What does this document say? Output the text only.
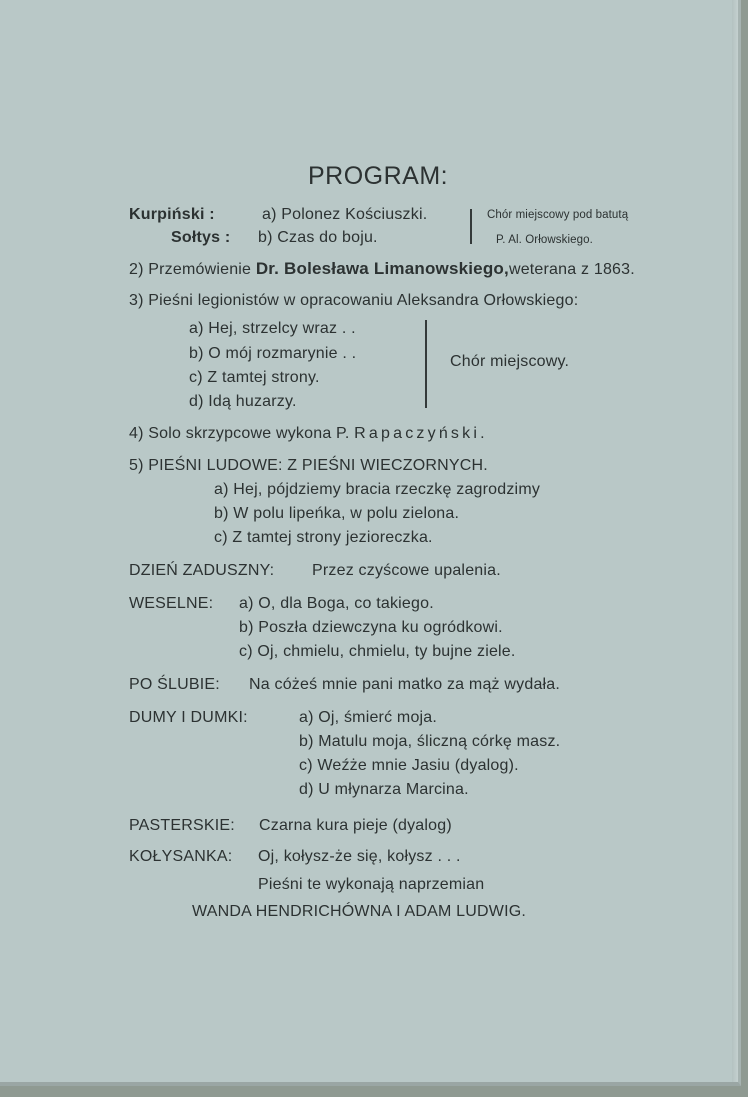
PROGRAM:
Kurpiński :	a) Polonez Kościuszki.
Sołtys : b) Czas do boju.
Chór miejscowy pod batutą
P. Al. Orłowskiego.
2) Przemówienie Dr. Bolesława Limanowskiego,weterana z 1863.
3) Pieśni legionistów w opracowaniu Aleksandra Orłowskiego:
a) Hej, strzelcy wraz . .
b) O mój rozmarynie . .
c) Z tamtej strony.
d) Idą huzarzy.
Chór miejscowy.
4) Solo skrzypcowe wykona P. Rapaczyński.
5) PIEŚNI LUDOWE: Z PIEŚNI WIECZORNYCH.
a) Hej, pójdziemy bracia rzeczkę zagrodzimy
b) W polu lipeńka, w polu zielona.
c) Z tamtej strony jezioreczka.
DZIEŃ ZADUSZNY: Przez czyścowe upalenia.
WESELNE: a) O, dla Boga, co takiego.
b) Poszła dziewczyna ku ogródkowi.
c) Oj, chmielu, chmielu, ty bujne ziele.
PO ŚLUBIE: Na cóżeś mnie pani matko za mąż wydała.
DUMY I DUMKI:	a) Oj, śmierć moja.
b) Matulu moja, śliczną córkę masz.
c) Weźże mnie Jasiu (dyalog).
d) U młynarza Marcina.
PASTERSKIE: Czarna kura pieje (dyalog)
KOŁYSANKA: Oj, kołysz-że się, kołysz . . .
Pieśni te wykonają naprzemian
WANDA HENDRICHÓWNA I ADAM LUDWIG.
